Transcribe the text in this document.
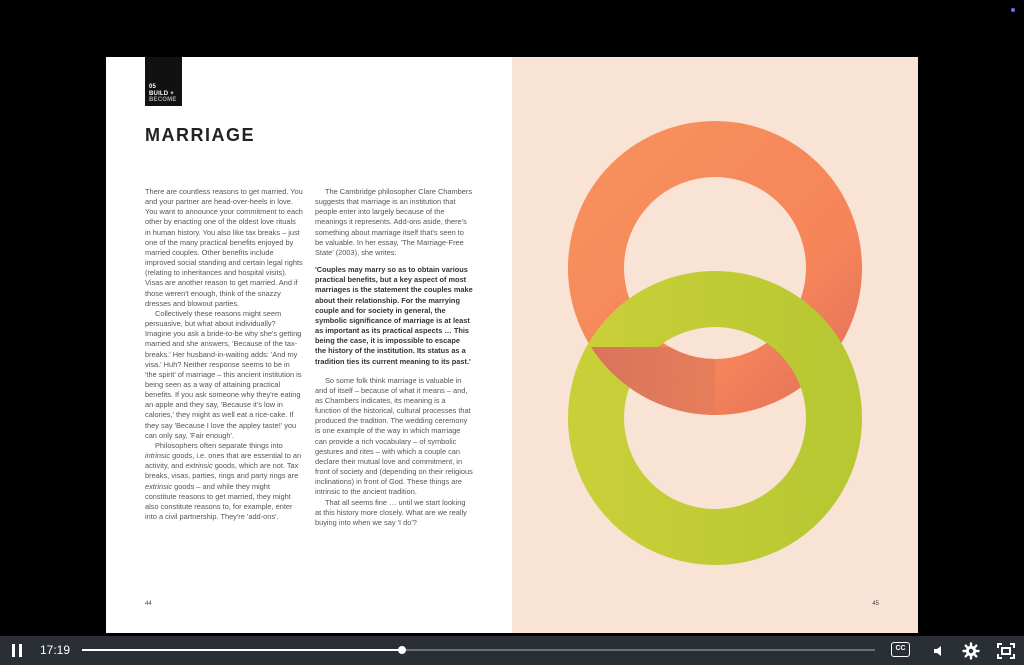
05
BUILD +
BECOME
MARRIAGE

There are countless reasons to get married. You and your partner are head-over-heels in love. You want to announce your commitment to each other by enacting one of the oldest love rituals in human history. You also like tax breaks – just one of the many practical benefits enjoyed by married couples. Other benefits include improved social standing and certain legal rights (relating to inheritances and hospital visits). Visas are another reason to get married. And if those weren't enough, think of the snazzy dresses and blowout parties.

Collectively these reasons might seem persuasive, but what about individually? Imagine you ask a bride-to-be why she's getting married and she answers, 'Because of the tax-breaks.' Her husband-in-waiting adds: 'And my visa.' Huh? Neither response seems to be in 'the spirit' of marriage – this ancient institution is being seen as a way of attaining practical benefits. If you ask someone why they're eating an apple and they say, 'Because it's low in calories,' they might as well eat a rice-cake. If they say 'Because I love the appley taste!' you can only say, 'Fair enough'.

Philosophers often separate things into intrinsic goods, i.e. ones that are essential to an activity, and extrinsic goods, which are not. Tax breaks, visas, parties, rings and party rings are extrinsic goods – and while they might constitute reasons to get married, they might also constitute reasons to, for example, enter into a civil partnership. They're 'add-ons'.

The Cambridge philosopher Clare Chambers suggests that marriage is an institution that people enter into largely because of the meanings it represents. Add-ons aside, there's something about marriage itself that's seen to be valuable. In her essay, 'The Marriage-Free State' (2003), she writes:

'Couples may marry so as to obtain various practical benefits, but a key aspect of most marriages is the statement the couples make about their relationship. For the marrying couple and for society in general, the symbolic significance of marriage is at least as important as its practical aspects … This being the case, it is impossible to escape the history of the institution. Its status as a tradition ties its current meaning to its past.'

So some folk think marriage is valuable in and of itself – because of what it means – and, as Chambers indicates, its meaning is a function of the historical, cultural processes that produced the tradition. The wedding ceremony is one example of the way in which marriage can provide a rich vocabulary – of symbolic gestures and rites – with which a couple can declare their mutual love and commitment, in front of society and (depending on their religious inclinations) in front of God. These things are intrinsic to the ancient tradition.

That all seems fine … until we start looking at this history more closely. What are we really buying into when we say 'I do'?

44	45
17:19	CC
